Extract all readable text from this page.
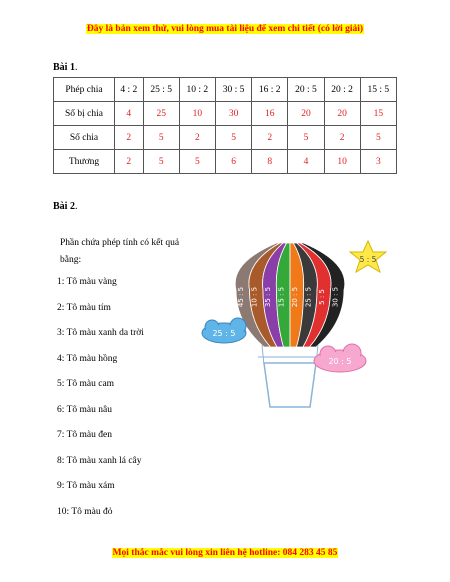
Đây là bản xem thử, vui lòng mua tài liệu để xem chi tiết (có lời giải)
Bài 1.
Phép chia	4 : 2	25 : 5	10 : 2	30 : 5	16 : 2	20 : 5	20 : 2	15 : 5
Số bị chia	4	25	10	30	16	20	20	15
Số chia	2	5	2	5	2	5	2	5
Thương	2	5	5	6	8	4	10	3
Bài 2.
Phần chứa phép tính có kết quả bằng:
1: Tô màu vàng
2: Tô màu tím
3: Tô màu xanh da trời
4: Tô màu hồng
5: Tô màu cam
6: Tô màu nâu
7: Tô màu đen
8: Tô màu xanh lá cây
9: Tô màu xám
10: Tô màu đỏ
45 : 5 10 : 5 35 : 5 15 : 5 20 : 5 25 : 5 5 : 5 30 : 5
25 : 5
20 : 5
5 : 5
Mọi thắc mắc vui lòng xin liên hệ hotline: 084 283 45 85
